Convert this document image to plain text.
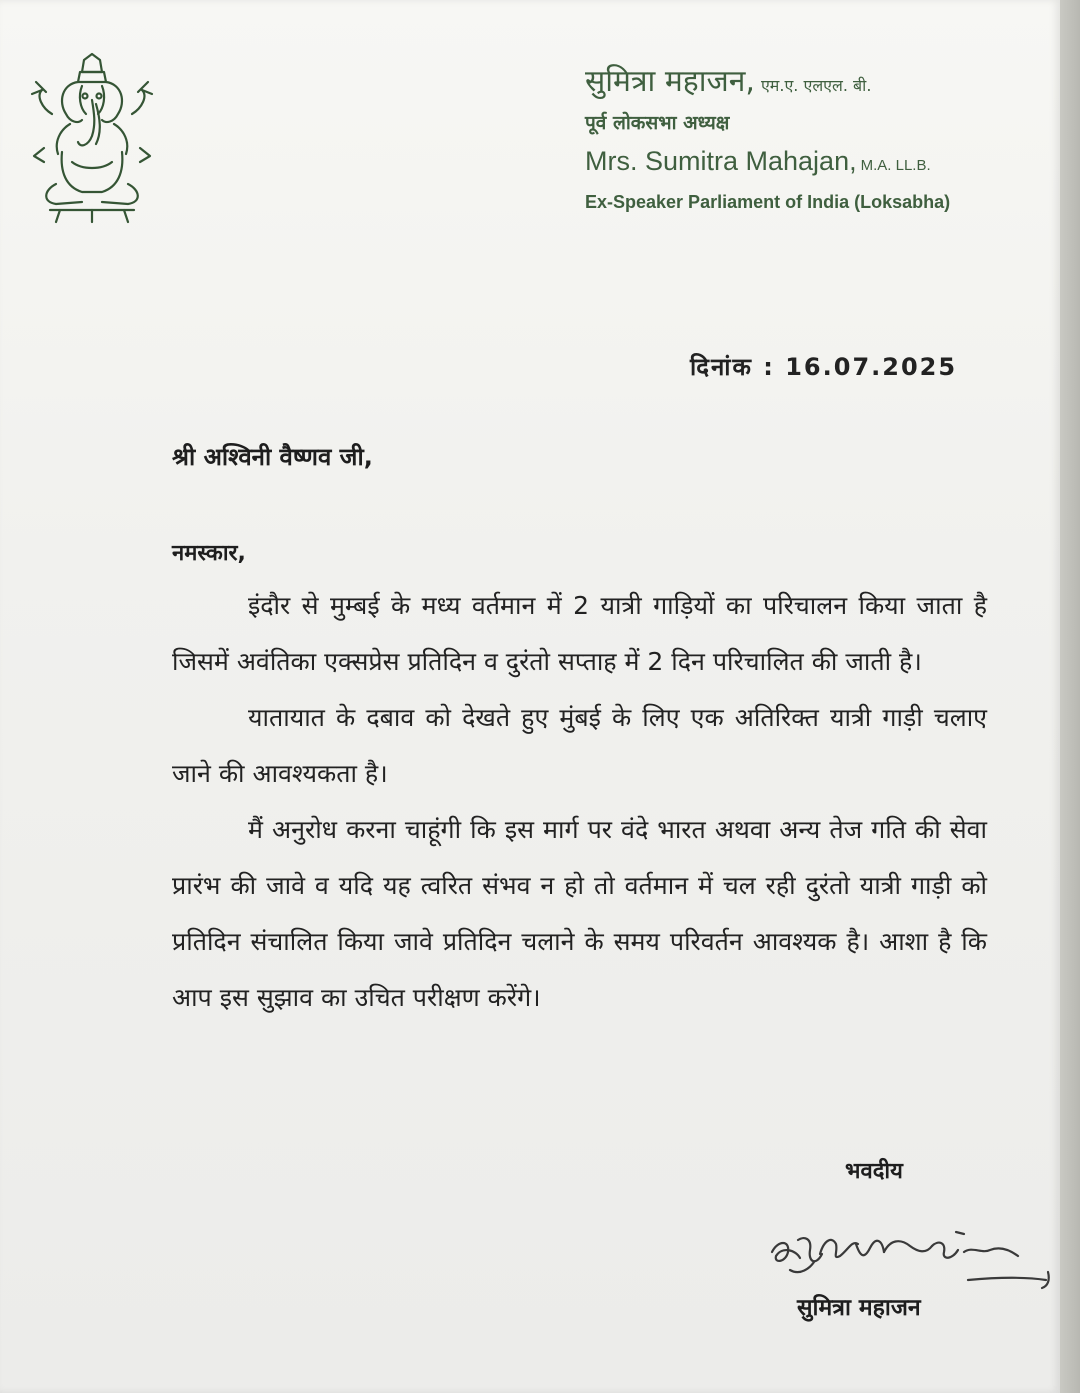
सुमित्रा महाजन, एम.ए. एलएल. बी.
पूर्व लोकसभा अध्यक्ष
Mrs. Sumitra Mahajan, M.A. LL.B.
Ex-Speaker Parliament of India (Loksabha)
दिनांक : 16.07.2025
श्री अश्विनी वैष्णव जी,
नमस्कार,

इंदौर से मुम्बई के मध्य वर्तमान में 2 यात्री गाड़ियों का परिचालन किया जाता है जिसमें अवंतिका एक्सप्रेस प्रतिदिन व दुरंतो सप्ताह में 2 दिन परिचालित की जाती है।

यातायात के दबाव को देखते हुए मुंबई के लिए एक अतिरिक्त यात्री गाड़ी चलाए जाने की आवश्यकता है।

मैं अनुरोध करना चाहूंगी कि इस मार्ग पर वंदे भारत अथवा अन्य तेज गति की सेवा प्रारंभ की जावे व यदि यह त्वरित संभव न हो तो वर्तमान में चल रही दुरंतो यात्री गाड़ी को प्रतिदिन संचालित किया जावे प्रतिदिन चलाने के समय परिवर्तन आवश्यक है। आशा है कि आप इस सुझाव का उचित परीक्षण करेंगे।

भवदीय
सुमित्रा महाजन
